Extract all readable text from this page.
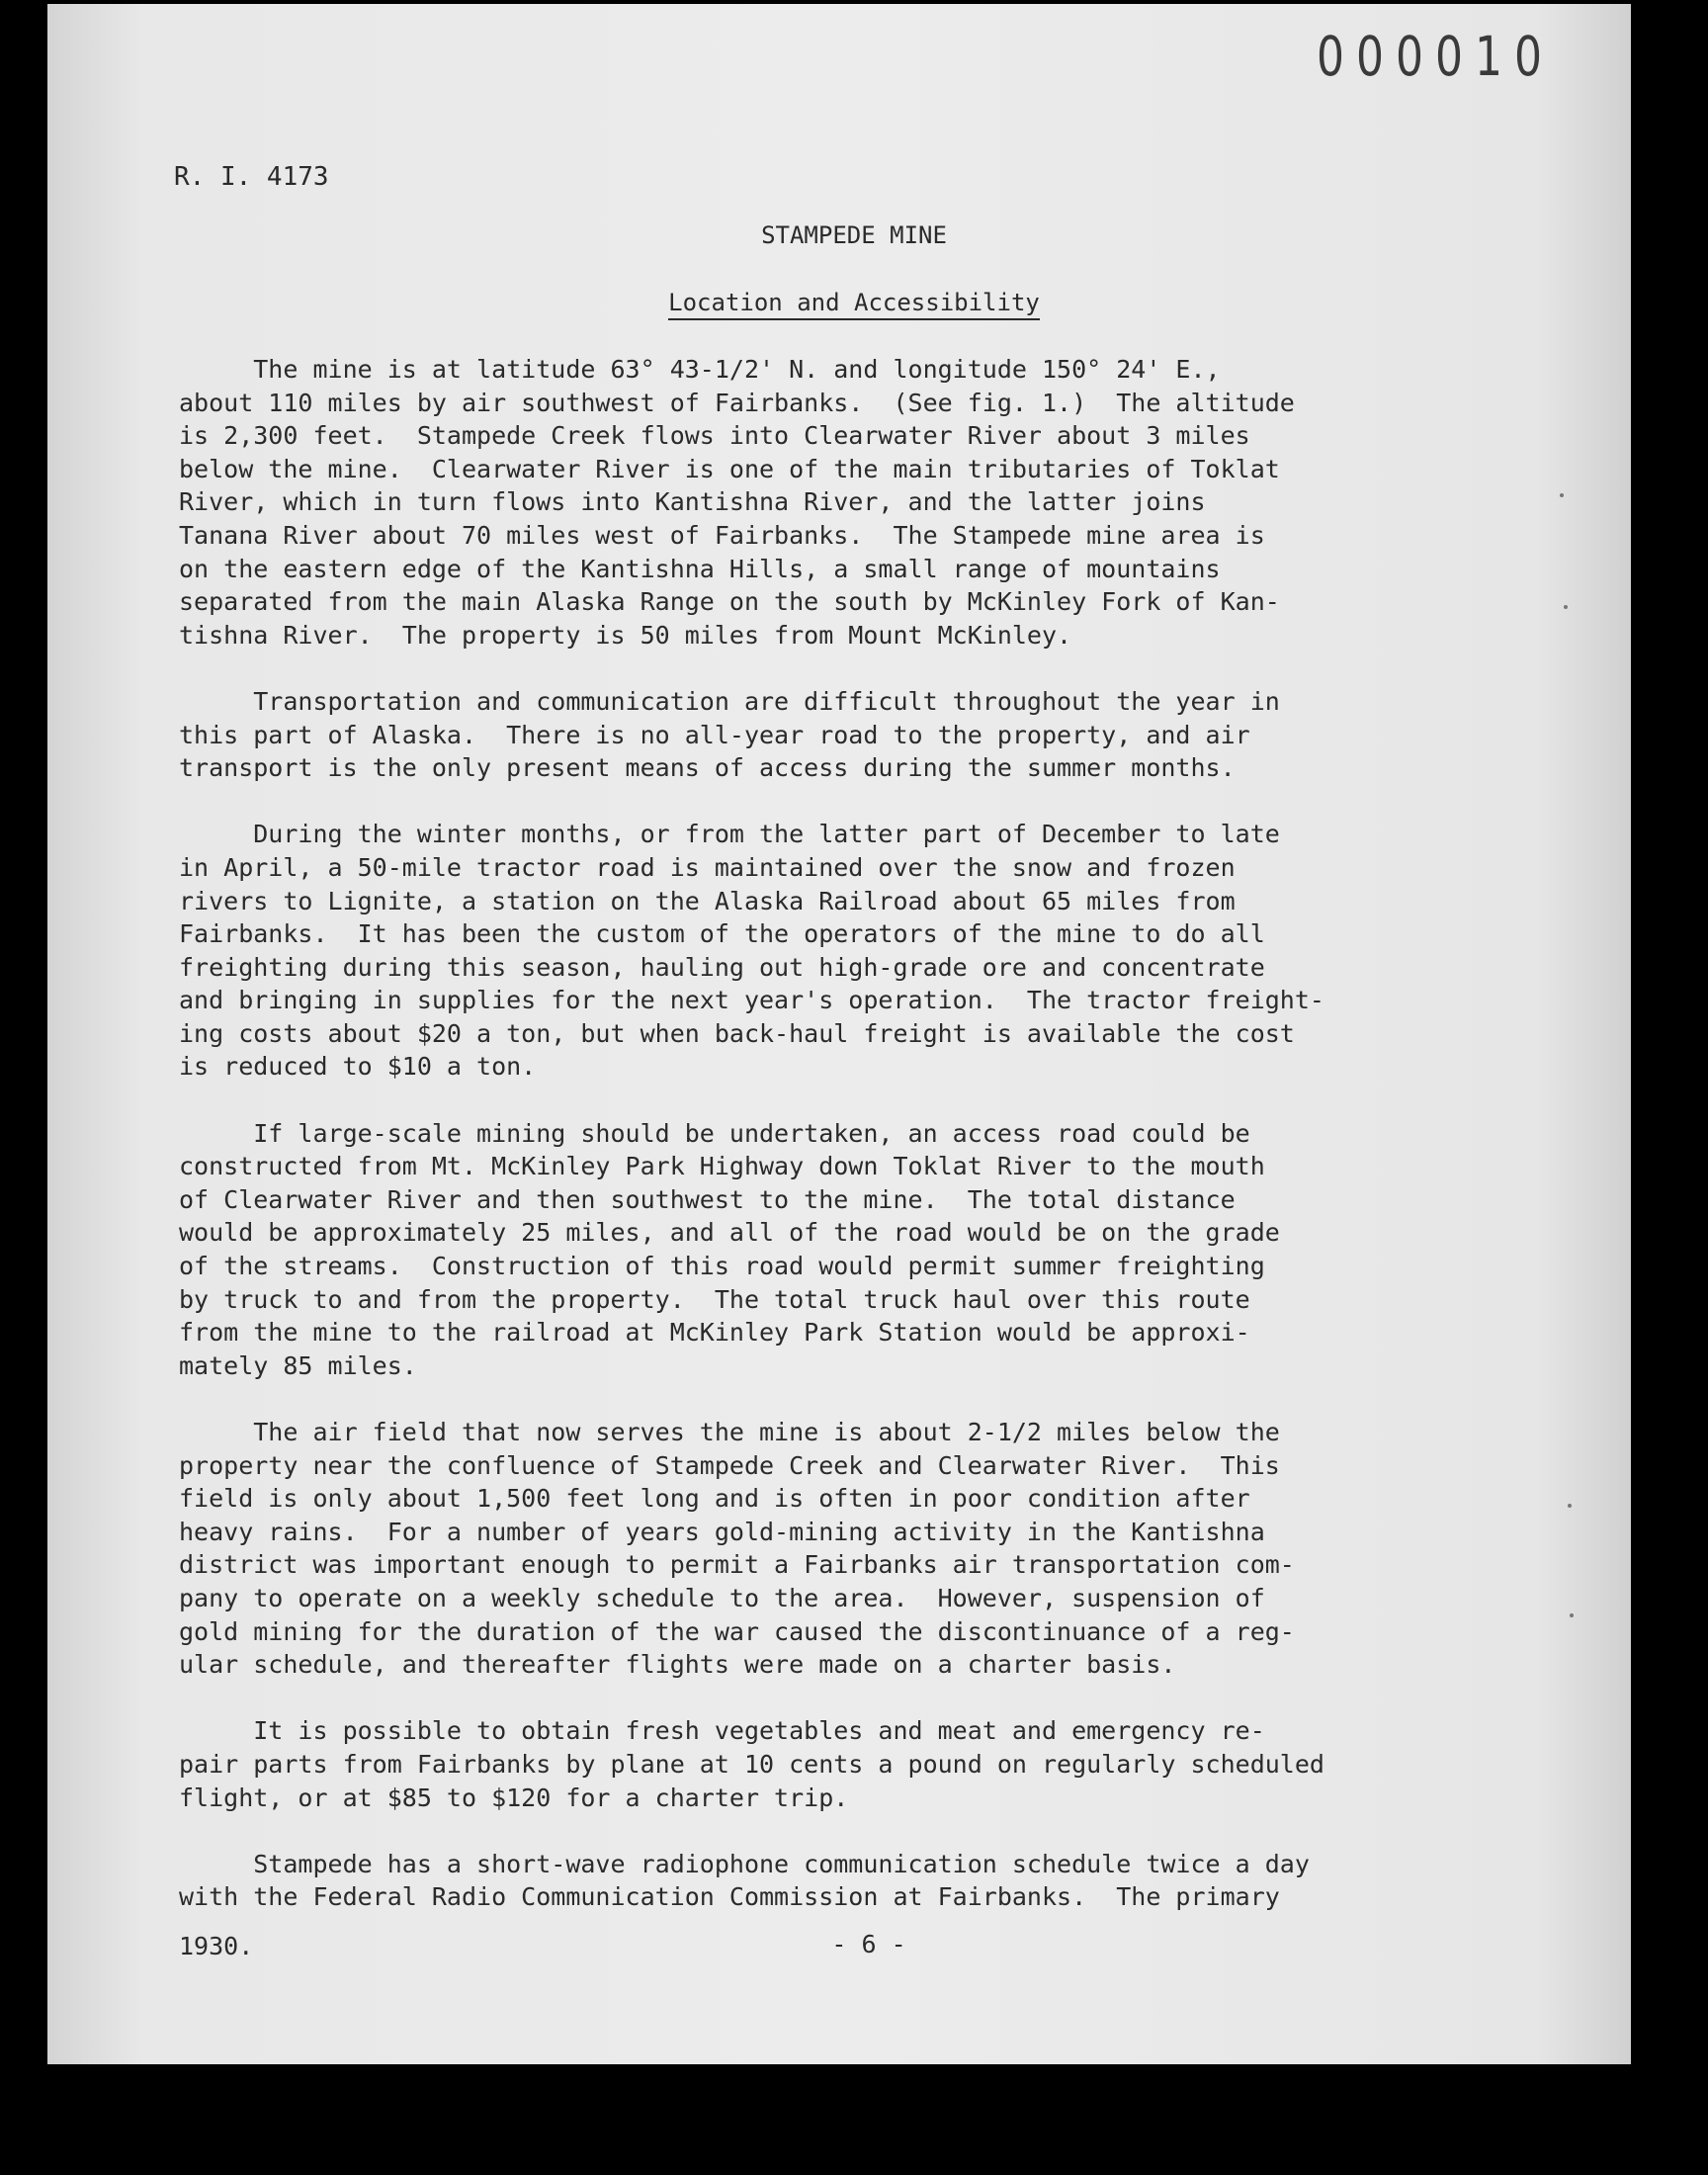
000010
R. I. 4173
STAMPEDE MINE
Location and Accessibility
The mine is at latitude 63° 43-1/2' N. and longitude 150° 24' E.,
about 110 miles by air southwest of Fairbanks.  (See fig. 1.)  The altitude
is 2,300 feet.  Stampede Creek flows into Clearwater River about 3 miles
below the mine.  Clearwater River is one of the main tributaries of Toklat
River, which in turn flows into Kantishna River, and the latter joins
Tanana River about 70 miles west of Fairbanks.  The Stampede mine area is
on the eastern edge of the Kantishna Hills, a small range of mountains
separated from the main Alaska Range on the south by McKinley Fork of Kan-
tishna River.  The property is 50 miles from Mount McKinley.
Transportation and communication are difficult throughout the year in
this part of Alaska.  There is no all-year road to the property, and air
transport is the only present means of access during the summer months.
During the winter months, or from the latter part of December to late
in April, a 50-mile tractor road is maintained over the snow and frozen
rivers to Lignite, a station on the Alaska Railroad about 65 miles from
Fairbanks.  It has been the custom of the operators of the mine to do all
freighting during this season, hauling out high-grade ore and concentrate
and bringing in supplies for the next year's operation.  The tractor freight-
ing costs about $20 a ton, but when back-haul freight is available the cost
is reduced to $10 a ton.
If large-scale mining should be undertaken, an access road could be
constructed from Mt. McKinley Park Highway down Toklat River to the mouth
of Clearwater River and then southwest to the mine.  The total distance
would be approximately 25 miles, and all of the road would be on the grade
of the streams.  Construction of this road would permit summer freighting
by truck to and from the property.  The total truck haul over this route
from the mine to the railroad at McKinley Park Station would be approxi-
mately 85 miles.
The air field that now serves the mine is about 2-1/2 miles below the
property near the confluence of Stampede Creek and Clearwater River.  This
field is only about 1,500 feet long and is often in poor condition after
heavy rains.  For a number of years gold-mining activity in the Kantishna
district was important enough to permit a Fairbanks air transportation com-
pany to operate on a weekly schedule to the area.  However, suspension of
gold mining for the duration of the war caused the discontinuance of a reg-
ular schedule, and thereafter flights were made on a charter basis.
It is possible to obtain fresh vegetables and meat and emergency re-
pair parts from Fairbanks by plane at 10 cents a pound on regularly scheduled
flight, or at $85 to $120 for a charter trip.
Stampede has a short-wave radiophone communication schedule twice a day
with the Federal Radio Communication Commission at Fairbanks.  The primary
1930.	- 6 -
